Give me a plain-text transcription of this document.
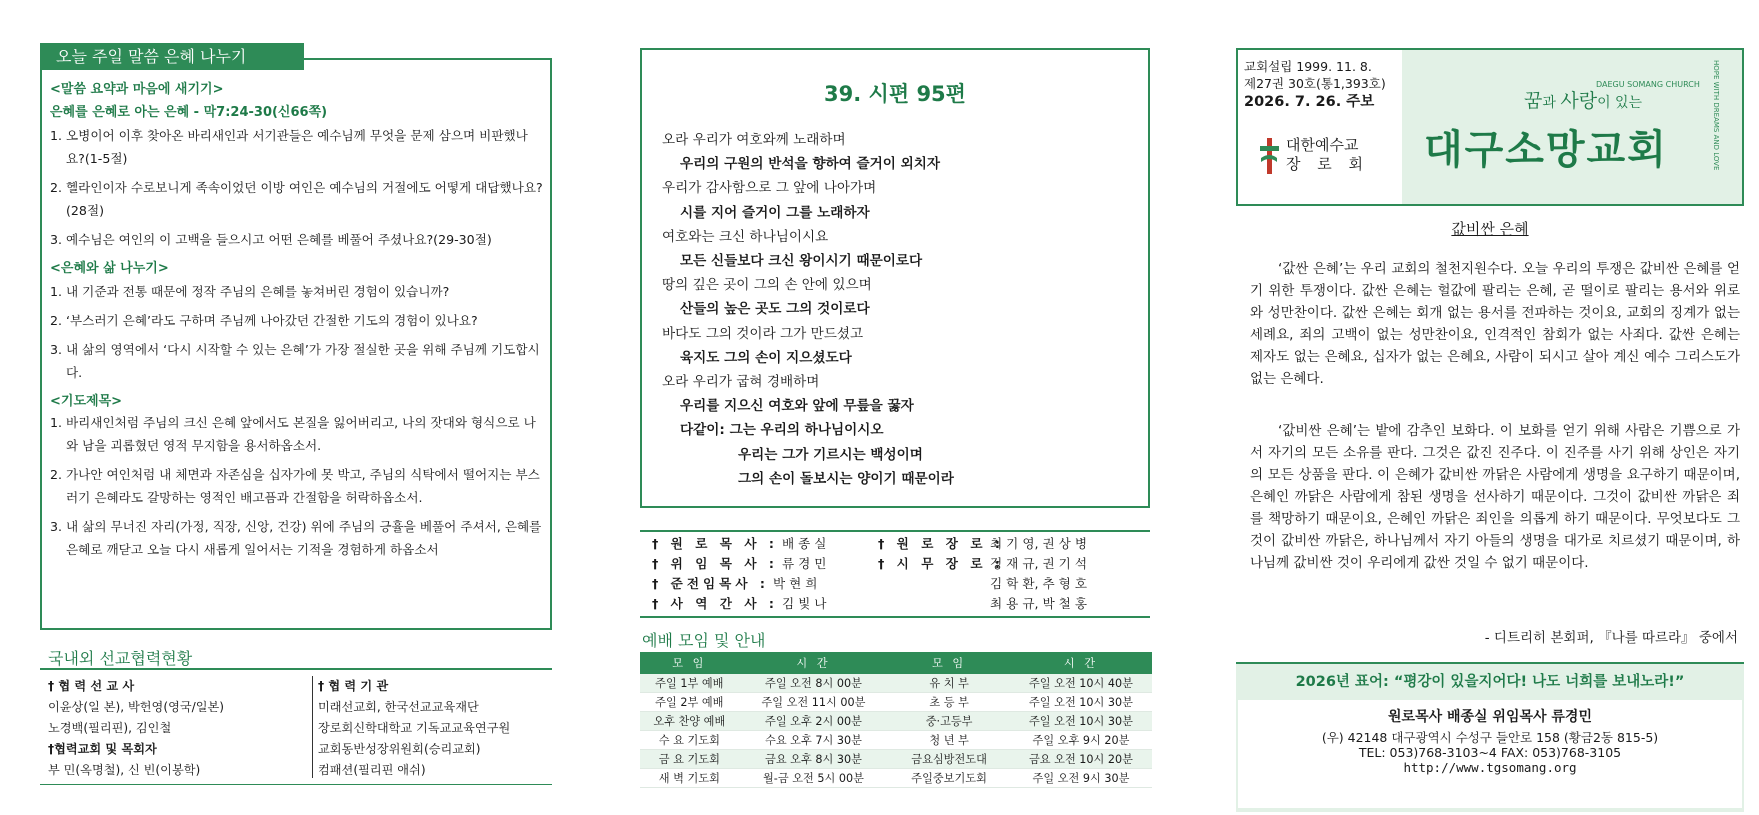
오늘 주일 말씀 은혜 나누기
<말씀 요약과 마음에 새기기>
은혜를 은혜로 아는 은혜 - 막7:24-30(신66쪽)
1. 오병이어 이후 찾아온 바리새인과 서기관들은 예수님께 무엇을 문제 삼으며 비판했나요?(1-5절)
2. 헬라인이자 수로보니게 족속이었던 이방 여인은 예수님의 거절에도 어떻게 대답했나요?(28절)
3. 예수님은 여인의 이 고백을 들으시고 어떤 은혜를 베풀어 주셨나요?(29-30절)
<은혜와 삶 나누기>
1. 내 기준과 전통 때문에 정작 주님의 은혜를 놓쳐버린 경험이 있습니까?
2. ‘부스러기 은혜’라도 구하며 주님께 나아갔던 간절한 기도의 경험이 있나요?
3. 내 삶의 영역에서 ‘다시 시작할 수 있는 은혜’가 가장 절실한 곳을 위해 주님께 기도합시다.
<기도제목>
1. 바리새인처럼 주님의 크신 은혜 앞에서도 본질을 잃어버리고, 나의 잣대와 형식으로 나와 남을 괴롭혔던 영적 무지함을 용서하옵소서.
2. 가나안 여인처럼 내 체면과 자존심을 십자가에 못 박고, 주님의 식탁에서 떨어지는 부스러기 은혜라도 갈망하는 영적인 배고픔과 간절함을 허락하옵소서.
3. 내 삶의 무너진 자리(가정, 직장, 신앙, 건강) 위에 주님의 긍휼을 베풀어 주셔서, 은혜를 은혜로 깨닫고 오늘 다시 새롭게 일어서는 기적을 경험하게 하옵소서
국내외 선교협력현황
† 협 력 선 교 사
이윤상(일 본), 박헌영(영국/일본)
노경백(필리핀), 김인철
†협력교회 및 목회자
부 민(옥명철), 신 빈(이봉학)
† 협 력 기 관
미래선교회, 한국선교교육재단
장로회신학대학교 기독교교육연구원
교회동반성장위원회(승리교회)
컴패션(필리핀 애쉬)
39. 시편 95편
오라 우리가 여호와께 노래하며
우리의 구원의 반석을 향하여 즐거이 외치자
우리가 감사함으로 그 앞에 나아가며
시를 지어 즐거이 그를 노래하자
여호와는 크신 하나님이시요
모든 신들보다 크신 왕이시기 때문이로다
땅의 깊은 곳이 그의 손 안에 있으며
산들의 높은 곳도 그의 것이로다
바다도 그의 것이라 그가 만드셨고
육지도 그의 손이 지으셨도다
오라 우리가 굽혀 경배하며
우리를 지으신 여호와 앞에 무릎을 꿇자
다같이: 그는 우리의 하나님이시오
우리는 그가 기르시는 백성이며
그의 손이 돌보시는 양이기 때문이라
† 원 로 목 사 : 배 종 실	† 원 로 장 로 :최 기 영, 권 상 병
† 위 임 목 사 : 류 경 민	† 시 무 장 로 :정 재 규, 권 기 석
† 준전임목사 : 박 현 희	김 학 환, 추 형 호
† 사 역 간 사 : 김 빛 나	최 용 규, 박 철 홍
예배 모임 및 안내
모 임	시 간	모 임	시 간
주일 1부 예배	주일 오전 8시 00분	유 치 부	주일 오전 10시 40분
주일 2부 예배	주일 오전 11시 00분	초 등 부	주일 오전 10시 30분
오후 찬양 예배	주일 오후 2시 00분	중·고등부	주일 오전 10시 30분
수 요 기도회	수요 오후 7시 30분	청 년 부	주일 오후 9시 20분
금 요 기도회	금요 오후 8시 30분	금요심방전도대	금요 오전 10시 20분
새 벽 기도회	월-금 오전 5시 00분	주일중보기도회	주일 오전 9시 30분
교회설립 1999. 11. 8.
제27권 30호(통1,393호)
2026. 7. 26. 주보
대한예수교
장 로 회
꿈과 사랑이 있는
DAEGU SOMANG CHURCH
대구소망교회	HOPE WITH DREAMS AND LOVE
값비싼 은혜
‘값싼 은혜’는 우리 교회의 철천지원수다. 오늘 우리의 투쟁은 값비싼 은혜를 얻기 위한 투쟁이다. 값싼 은혜는 헐값에 팔리는 은혜, 곧 떨이로 팔리는 용서와 위로와 성만찬이다. 값싼 은혜는 회개 없는 용서를 전파하는 것이요, 교회의 징계가 없는 세례요, 죄의 고백이 없는 성만찬이요, 인격적인 참회가 없는 사죄다. 값싼 은혜는 제자도 없는 은혜요, 십자가 없는 은혜요, 사람이 되시고 살아 계신 예수 그리스도가 없는 은혜다.
‘값비싼 은혜’는 밭에 감추인 보화다. 이 보화를 얻기 위해 사람은 기쁨으로 가서 자기의 모든 소유를 판다. 그것은 값진 진주다. 이 진주를 사기 위해 상인은 자기의 모든 상품을 판다. 이 은혜가 값비싼 까닭은 사람에게 생명을 요구하기 때문이며, 은혜인 까닭은 사람에게 참된 생명을 선사하기 때문이다. 그것이 값비싼 까닭은 죄를 책망하기 때문이요, 은혜인 까닭은 죄인을 의롭게 하기 때문이다. 무엇보다도 그것이 값비싼 까닭은, 하나님께서 자기 아들의 생명을 대가로 치르셨기 때문이며, 하나님께 값비싼 것이 우리에게 값싼 것일 수 없기 때문이다.
- 디트리히 본회퍼, 『나를 따르라』 중에서
2026년 표어: “평강이 있을지어다! 나도 너희를 보내노라!”
원로목사 배종실 위임목사 류경민
(우) 42148 대구광역시 수성구 들안로 158 (황금2동 815-5)
TEL: 053)768-3103~4 FAX: 053)768-3105
http://www.tgsomang.org
